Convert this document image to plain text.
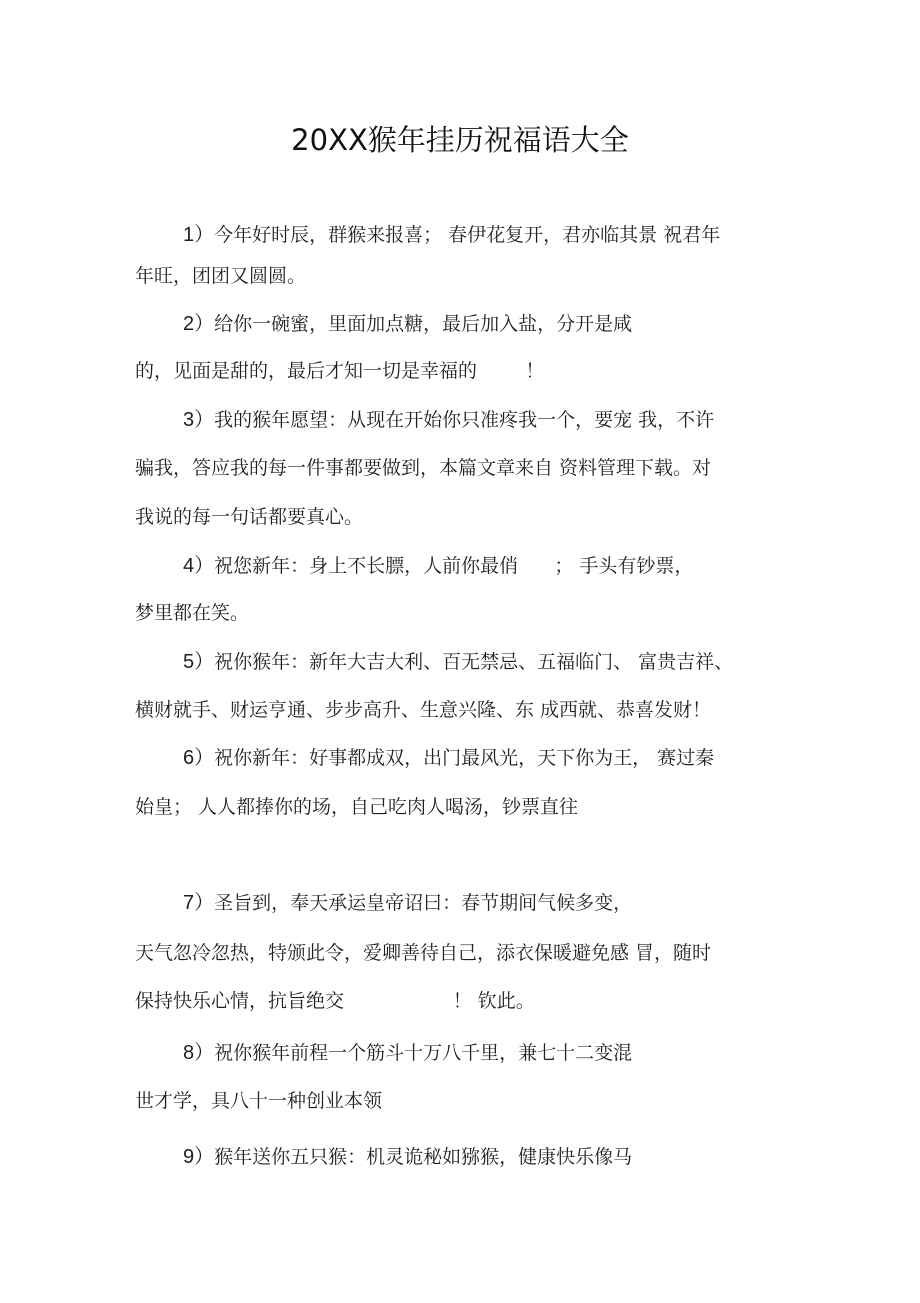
20XX猴年挂历祝福语大全
1）今年好时辰，群猴来报喜； 春伊花复开，君亦临其景 祝君年
年旺，团团又圆圆。
2）给你一碗蜜，里面加点糖，最后加入盐，分开是咸
的，见面是甜的，最后才知一切是幸福的        ！
3）我的猴年愿望：从现在开始你只准疼我一个，要宠 我，不许
骗我，答应我的每一件事都要做到，本篇文章来自 资料管理下载。对
我说的每一句话都要真心。
4）祝您新年：身上不长膘，人前你最俏      ； 手头有钞票，
梦里都在笑。
5）祝你猴年：新年大吉大利、百无禁忌、五福临门、 富贵吉祥、
横财就手、财运亨通、步步高升、生意兴隆、东 成西就、恭喜发财！
6）祝你新年：好事都成双，出门最风光，天下你为王， 赛过秦
始皇； 人人都捧你的场，自己吃肉人喝汤，钞票直往
7）圣旨到，奉天承运皇帝诏曰：春节期间气候多变，
天气忽冷忽热，特颁此令，爱卿善待自己，添衣保暖避免感 冒，随时
保持快乐心情，抗旨绝交                  ！ 钦此。
8）祝你猴年前程一个筋斗十万八千里，兼七十二变混
世才学，具八十一种创业本领
9）猴年送你五只猴：机灵诡秘如猕猴，健康快乐像马
